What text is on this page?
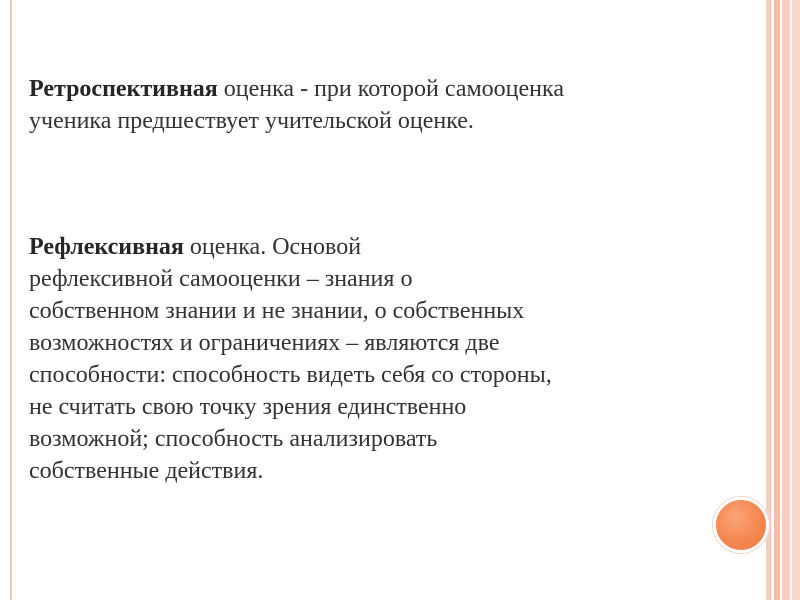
Ретроспективная оценка - при которой самооценка
ученика предшествует учительской оценке.

Рефлексивная оценка. Основой
рефлексивной самооценки – знания о
собственном знании и не знании, о собственных
возможностях и ограничениях – являются две
способности: способность видеть себя со стороны,
не считать свою точку зрения единственно
возможной; способность анализировать
собственные действия.
